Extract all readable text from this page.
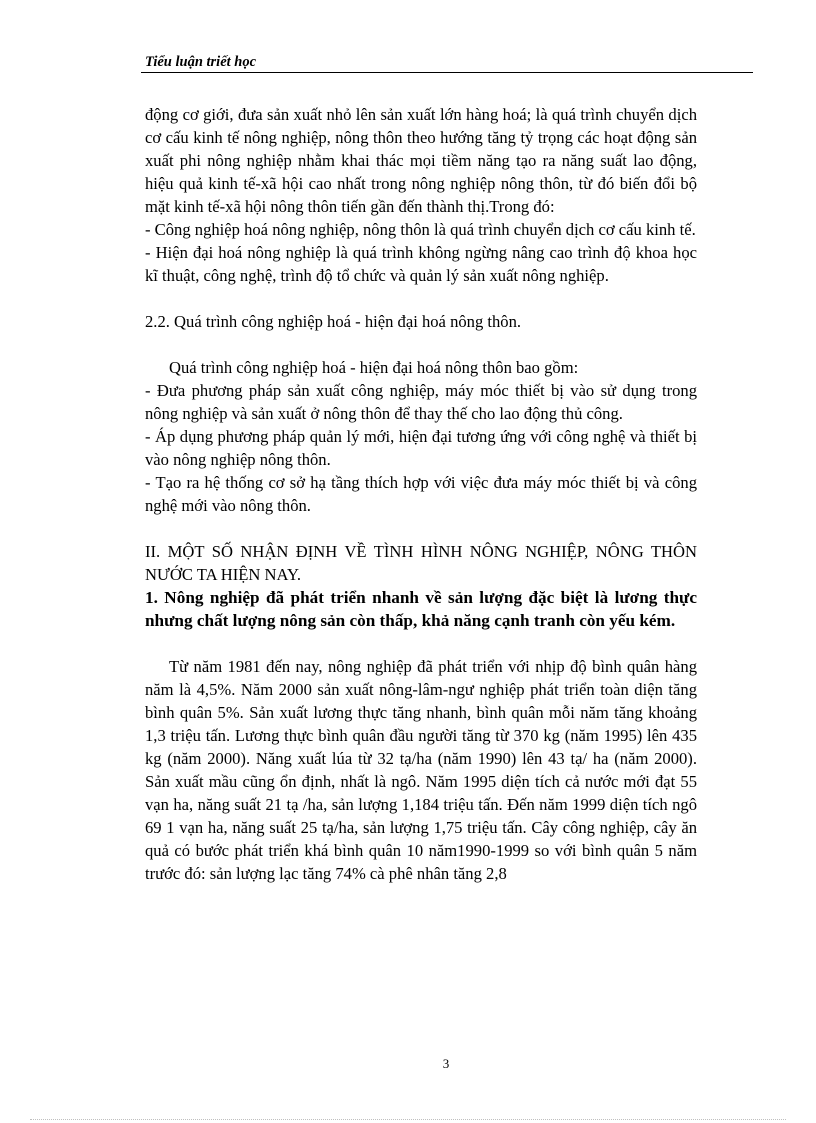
Tiểu luận triết học

động cơ giới, đưa sản xuất nhỏ lên sản xuất lớn hàng hoá; là quá trình chuyển dịch cơ cấu kinh tế nông nghiệp, nông thôn theo hướng tăng tỷ trọng các hoạt động sản xuất phi nông nghiệp nhằm khai thác mọi tiềm năng tạo ra năng suất lao động, hiệu quả kinh tế-xã hội cao nhất trong nông nghiệp nông thôn, từ đó biến đổi bộ mặt kinh tế-xã hội nông thôn tiến gần đến thành thị.Trong đó:

- Công nghiệp hoá nông nghiệp, nông thôn là quá trình chuyển dịch cơ cấu kinh tế.

- Hiện đại hoá nông nghiệp là quá trình không ngừng nâng cao trình độ khoa học kĩ thuật, công nghệ, trình độ tổ chức và quản lý sản xuất nông nghiệp.

2.2. Quá trình công nghiệp hoá - hiện đại hoá nông thôn.

Quá trình công nghiệp hoá - hiện đại hoá nông thôn bao gồm:

- Đưa phương pháp sản xuất công nghiệp, máy móc thiết bị vào sử dụng trong nông nghiệp và sản xuất ở nông thôn để thay thế cho lao động thủ công.

- Áp dụng phương pháp quản lý mới, hiện đại tương ứng với công nghệ và thiết bị vào nông nghiệp nông thôn.

- Tạo ra hệ thống cơ sở hạ tầng thích hợp với việc đưa máy móc thiết bị và công nghệ mới vào nông thôn.

II. MỘT SỐ NHẬN ĐỊNH VỀ TÌNH HÌNH NÔNG NGHIỆP, NÔNG THÔN NƯỚC TA HIỆN NAY.

1. Nông nghiệp đã phát triển nhanh về sản lượng đặc biệt là lương thực nhưng chất lượng nông sản còn thấp, khả năng cạnh tranh còn yếu kém.

Từ năm 1981 đến nay, nông nghiệp đã phát triển với nhịp độ bình quân hàng năm là 4,5%. Năm 2000 sản xuất nông-lâm-ngư nghiệp phát triển toàn diện tăng bình quân 5%. Sản xuất lương thực tăng nhanh, bình quân mỗi năm tăng khoảng 1,3 triệu tấn. Lương thực bình quân đầu người tăng từ 370 kg (năm 1995) lên 435 kg (năm 2000). Năng xuất lúa từ 32 tạ/ha (năm 1990) lên 43 tạ/ ha (năm 2000). Sản xuất mầu cũng ổn định, nhất là ngô. Năm 1995 diện tích cả nước mới đạt 55 vạn ha, năng suất 21 tạ /ha, sản lượng 1,184 triệu tấn. Đến năm 1999 diện tích ngô 69 1 vạn ha, năng suất 25 tạ/ha, sản lượng 1,75 triệu tấn. Cây công nghiệp, cây ăn quả có bước phát triển khá bình quân 10 năm1990-1999 so với bình quân 5 năm trước đó: sản lượng lạc tăng 74% cà phê nhân tăng 2,8

3
